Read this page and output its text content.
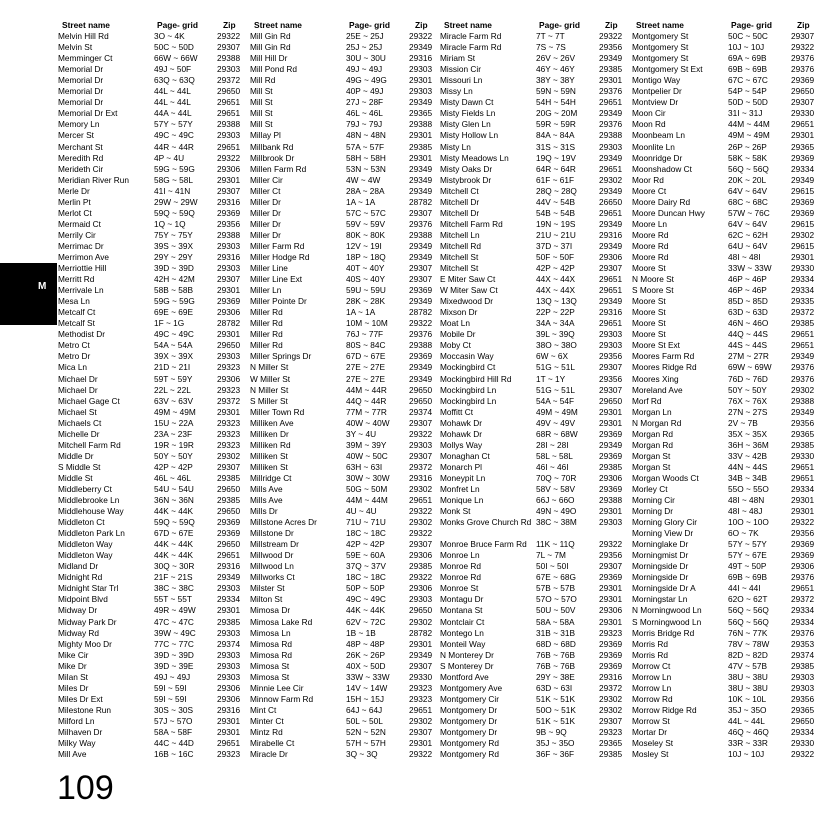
M
Street name	Page- grid	Zip
Melvin Hill Rd	3O ~ 4K	29322
Melvin St	50C ~ 50D	29307
Memminger Ct	66W ~ 66W	29388
Memorial Dr	49J ~ 50F	29303
Memorial Dr	63Q ~ 63Q	29372
Memorial Dr	44L ~ 44L	29650
Memorial Dr	44L ~ 44L	29651
Memorial Dr Ext	44A ~ 44L	29651
Memory Ln	57Y ~ 57Y	29388
Mercer St	49C ~ 49C	29303
Merchant St	44R ~ 44R	29651
Meredith Rd	4P ~ 4U	29322
Merideth Cir	59G ~ 59G	29306
Meridian River Run	58G ~ 58L	29301
Merle Dr	41I ~ 41N	29307
Merlin Pt	29W ~ 29W	29316
Merlot Ct	59Q ~ 59Q	29369
Mermaid Ct	1Q ~ 1Q	29356
Merrily Cir	75Y ~ 75Y	29388
Merrimac Dr	39S ~ 39X	29303
Merrimon Ave	29Y ~ 29Y	29316
Merriottie Hill	39D ~ 39D	29303
Merritt Rd	42H ~ 42M	29307
Merrivale Ln	58B ~ 58B	29301
Mesa Ln	59G ~ 59G	29369
Metcalf Ct	69E ~ 69E	29306
Metcalf St	1F ~ 1G	28782
Methodist Dr	49C ~ 49C	29301
Metro Ct	54A ~ 54A	29650
Metro Dr	39X ~ 39X	29303
Mica Ln	21D ~ 21I	29323
Michael Dr	59T ~ 59Y	29306
Michael Dr	22L ~ 22L	29323
Michael Gage Ct	63V ~ 63V	29372
Michael St	49M ~ 49M	29301
Michaels Ct	15U ~ 22A	29323
Michelle Dr	23A ~ 23F	29323
Mitchell Farm Rd	19R ~ 19R	29323
Middle Dr	50Y ~ 50Y	29302
S Middle St	42P ~ 42P	29307
Middle St	46L ~ 46L	29385
Middleberry Ct	54U ~ 54U	29650
Middlebrooke Ln	36N ~ 36N	29385
Middlehouse Way	44K ~ 44K	29650
Middleton Ct	59Q ~ 59Q	29369
Middleton Park Ln	67D ~ 67E	29369
Middleton Way	44K ~ 44K	29650
Middleton Way	44K ~ 44K	29651
Midland Dr	30Q ~ 30R	29316
Midnight Rd	21F ~ 21S	29349
Midnight Star Trl	38C ~ 38C	29303
Midpoint Blvd	55T ~ 55T	29334
Midway Dr	49R ~ 49W	29301
Midway Park Dr	47C ~ 47C	29385
Midway Rd	39W ~ 49C	29303
Mighty Moo Dr	77C ~ 77C	29374
Mike Cir	39D ~ 39D	29303
Mike Dr	39D ~ 39E	29303
Milan St	49J ~ 49J	29303
Miles Dr	59I ~ 59I	29306
Miles Dr Ext	59I ~ 59I	29306
Milestone Run	30S ~ 30S	29316
Milford Ln	57J ~ 57O	29301
Milhaven Dr	58A ~ 58F	29301
Milky Way	44C ~ 44D	29651
Mill Ave	16B ~ 16C	29323
Street name	Page- grid	Zip
Mill Gin Rd	25E ~ 25J	29322
Mill Gin Rd	25J ~ 25J	29349
Mill Hill Dr	30U ~ 30U	29316
Mill Pond Rd	49J ~ 49J	29303
Mill Rd	49G ~ 49G	29301
Mill St	40P ~ 49J	29303
Mill St	27J ~ 28F	29349
Mill St	46L ~ 46L	29365
Mill St	79J ~ 79J	29388
Millay Pl	48N ~ 48N	29301
Millbank Rd	57A ~ 57F	29385
Millbrook Dr	58H ~ 58H	29301
Millen Farm Rd	53N ~ 53N	29349
Miller Cir	4W ~ 4W	29349
Miller Ct	28A ~ 28A	29349
Miller Dr	1A ~ 1A	28782
Miller Dr	57C ~ 57C	29307
Miller Dr	59V ~ 59V	29376
Miller Dr	80K ~ 80K	29388
Miller Farm Rd	12V ~ 19I	29349
Miller Hodge Rd	18P ~ 18Q	29349
Miller Line	40T ~ 40Y	29307
Miller Line Ext	40S ~ 40Y	29307
Miller Ln	59U ~ 59U	29369
Miller Pointe Dr	28K ~ 28K	29349
Miller Rd	1A ~ 1A	28782
Miller Rd	10M ~ 10M	29322
Miller Rd	76J ~ 77F	29376
Miller Rd	80S ~ 84C	29388
Miller Springs Dr	67D ~ 67E	29369
N Miller St	27E ~ 27E	29349
W Miller St	27E ~ 27E	29349
N Miller St	44M ~ 44R	29650
S Miller St	44Q ~ 44R	29650
Miller Town Rd	77M ~ 77R	29374
Milliken Ave	40W ~ 40W	29307
Milliken Dr	3Y ~ 4U	29322
Milliken Rd	39M ~ 39Y	29303
Milliken St	40W ~ 50C	29307
Milliken St	63H ~ 63I	29372
Millridge Ct	30W ~ 30W	29316
Mills Ave	50G ~ 50M	29302
Mills Ave	44M ~ 44M	29651
Mills Dr	4U ~ 4U	29322
Millstone Acres Dr	71U ~ 71U	29302
Millstone Dr	18C ~ 18C	29322
Millstream Dr	42P ~ 42P	29307
Millwood Dr	59E ~ 60A	29306
Millwood Ln	37Q ~ 37V	29385
Millworks Ct	18C ~ 18C	29322
Milster St	50P ~ 50P	29306
Milton St	49C ~ 49C	29303
Mimosa Dr	44K ~ 44K	29650
Mimosa Lake Rd	62V ~ 72C	29302
Mimosa Ln	1B ~ 1B	28782
Mimosa Rd	48P ~ 48P	29301
Mimosa Rd	26K ~ 26P	29349
Mimosa St	40X ~ 50D	29307
Mimosa St	33W ~ 33W	29330
Minnie Lee Cir	14V ~ 14W	29323
Minnow Farm Rd	15H ~ 15J	29323
Mint Ct	64J ~ 64J	29651
Minter Ct	50L ~ 50L	29302
Mintz Rd	52N ~ 52N	29307
Mirabelle Ct	57H ~ 57H	29301
Miracle Dr	3Q ~ 3Q	29322
Street name	Page- grid	Zip
Miracle Farm Rd	7T ~ 7T	29322
Miracle Farm Rd	7S ~ 7S	29356
Miriam St	26V ~ 26V	29349
Mission Cir	46Y ~ 46Y	29385
Missouri Ln	38Y ~ 38Y	29301
Missy Ln	59N ~ 59N	29376
Misty Dawn Ct	54H ~ 54H	29651
Misty Fields Ln	20G ~ 20M	29349
Misty Glen Ln	59R ~ 59R	29376
Misty Hollow Ln	84A ~ 84A	29388
Misty Ln	31S ~ 31S	29303
Misty Meadows Ln	19Q ~ 19V	29349
Misty Oaks Dr	64R ~ 64R	29651
Mistybrook Dr	61F ~ 61F	29302
Mitchell Ct	28Q ~ 28Q	29349
Mitchell Dr	44V ~ 54B	26650
Mitchell Dr	54B ~ 54B	29651
Mitchell Farm Rd	19N ~ 19S	29349
Mitchell Ln	21U ~ 21U	29316
Mitchell Rd	37D ~ 37I	29349
Mitchell St	50F ~ 50F	29306
Mitchell St	42P ~ 42P	29307
E Miter Saw Ct	44X ~ 44X	29651
W Miter Saw Ct	44X ~ 44X	29651
Mixedwood Dr	13Q ~ 13Q	29349
Mixson Dr	22P ~ 22P	29316
Moat Ln	34A ~ 34A	29651
Mobile Dr	39L ~ 39Q	29303
Moby Ct	38O ~ 38O	29303
Moccasin Way	6W ~ 6X	29356
Mockingbird Ct	51G ~ 51L	29307
Mockingbird Hill Rd	1T ~ 1Y	29356
Mockingbird Ln	51G ~ 51L	29307
Mockingbird Ln	54A ~ 54F	29650
Moffitt Ct	49M ~ 49M	29301
Mohawk Dr	49V ~ 49V	29301
Mohawk Dr	68R ~ 68W	29369
Mollys Way	28I ~ 28I	29349
Monaghan Ct	58L ~ 58L	29369
Monarch Pl	46I ~ 46I	29385
Moneypit Ln	70Q ~ 70R	29306
Monfret Ln	58V ~ 58V	29369
Monique Ln	66J ~ 66O	29388
Monk St	49N ~ 49O	29301
Monks Grove Church Rd 38C ~ 38M	29303
Monroe Bruce Farm Rd	11K ~ 11Q	29322
Monroe Ln	7L ~ 7M	29356
Monroe Rd	50I ~ 50I	29307
Monroe Rd	67E ~ 68G	29369
Monroe St	57B ~ 57B	29301
Montagu Dr	57O ~ 57O	29301
Montana St	50U ~ 50V	29306
Montclair Ct	58A ~ 58A	29301
Montego Ln	31B ~ 31B	29323
Monteil Way	68D ~ 68D	29369
N Monterey Dr	76B ~ 76B	29369
S Monterey Dr	76B ~ 76B	29369
Montford Ave	29Y ~ 38E	29316
Montgomery Ave	63D ~ 63I	29372
Montgomery Cir	51K ~ 51K	29302
Montgomery Dr	50O ~ 51K	29302
Montgomery Dr	51K ~ 51K	29307
Montgomery Dr	9B ~ 9Q	29323
Montgomery Rd	35J ~ 35O	29365
Montgomery Rd	36F ~ 36F	29385
Street name	Page- grid	Zip
Montgomery St	50C ~ 50C	29307
Montgomery St	10J ~ 10J	29322
Montgomery St	69A ~ 69B	29376
Montgomery St Ext	69B ~ 69B	29376
Montigo Way	67C ~ 67C	29369
Montpelier Dr	54P ~ 54P	29650
Montview Dr	50D ~ 50D	29307
Moon Cir	31I ~ 31J	29330
Moon Rd	44M ~ 44M	29651
Moonbeam Ln	49M ~ 49M	29301
Moonlite Ln	26P ~ 26P	29365
Moonridge Dr	58K ~ 58K	29369
Moonshadow Ct	56Q ~ 56Q	29334
Moor Rd	20K ~ 20L	29349
Moore Ct	64V ~ 64V	29615
Moore Dairy Rd	68C ~ 68C	29369
Moore Duncan Hwy	57W ~ 76C	29369
Moore Ln	64V ~ 64V	29615
Moore Rd	62C ~ 62H	29302
Moore Rd	64U ~ 64V	29615
Moore Rd	48I ~ 48I	29301
Moore St	33W ~ 33W	29330
N Moore St	46P ~ 46P	29334
S Moore St	46P ~ 46P	29334
Moore St	85D ~ 85D	29335
Moore St	63D ~ 63D	29372
Moore St	46N ~ 46O	29385
Moore St	44Q ~ 44S	29651
Moore St Ext	44S ~ 44S	29651
Moores Farm Rd	27M ~ 27R	29349
Moores Ridge Rd	69W ~ 69W	29376
Moores Xing	76D ~ 76D	29376
Moreland Ave	50Y ~ 50Y	29302
Morf Rd	76X ~ 76X	29388
Morgan Ln	27N ~ 27S	29349
N Morgan Rd	2V ~ 7B	29356
Morgan Rd	35X ~ 35X	29365
Morgan Rd	36H ~ 36M	29385
Morgan St	33V ~ 42B	29330
Morgan St	44N ~ 44S	29651
Morgan Woods Ct	34B ~ 34B	29651
Morley Ct	55O ~ 55O	29334
Morning Cir	48I ~ 48N	29301
Morning Dr	48I ~ 48J	29301
Morning Glory Cir	10O ~ 10O	29322
Morning View Dr	6O ~ 7K	29356
Morninglake Dr	57Y ~ 57Y	29369
Morningmist Dr	57Y ~ 67E	29369
Morningside Dr	49T ~ 50P	29306
Morningside Dr	69B ~ 69B	29376
Morningside Dr A	44I ~ 44I	29651
Morningstar Ln	62O ~ 62T	29372
N Morningwood Ln	56Q ~ 56Q	29334
S Morningwood Ln	56Q ~ 56Q	29334
Morris Bridge Rd	76N ~ 77K	29376
Morris Rd	78V ~ 78W	29353
Morris Rd	82D ~ 82D	29374
Morrow Ct	47V ~ 57B	29385
Morrow Ln	38U ~ 38U	29303
Morrow Ln	38U ~ 38U	29303
Morrow Rd	10K ~ 10L	29356
Morrow Ridge Rd	35J ~ 35O	29365
Morrow St	44L ~ 44L	29650
Mortar Dr	46Q ~ 46Q	29334
Moseley St	33R ~ 33R	29330
Mosley St	10J ~ 10J	29322
109
